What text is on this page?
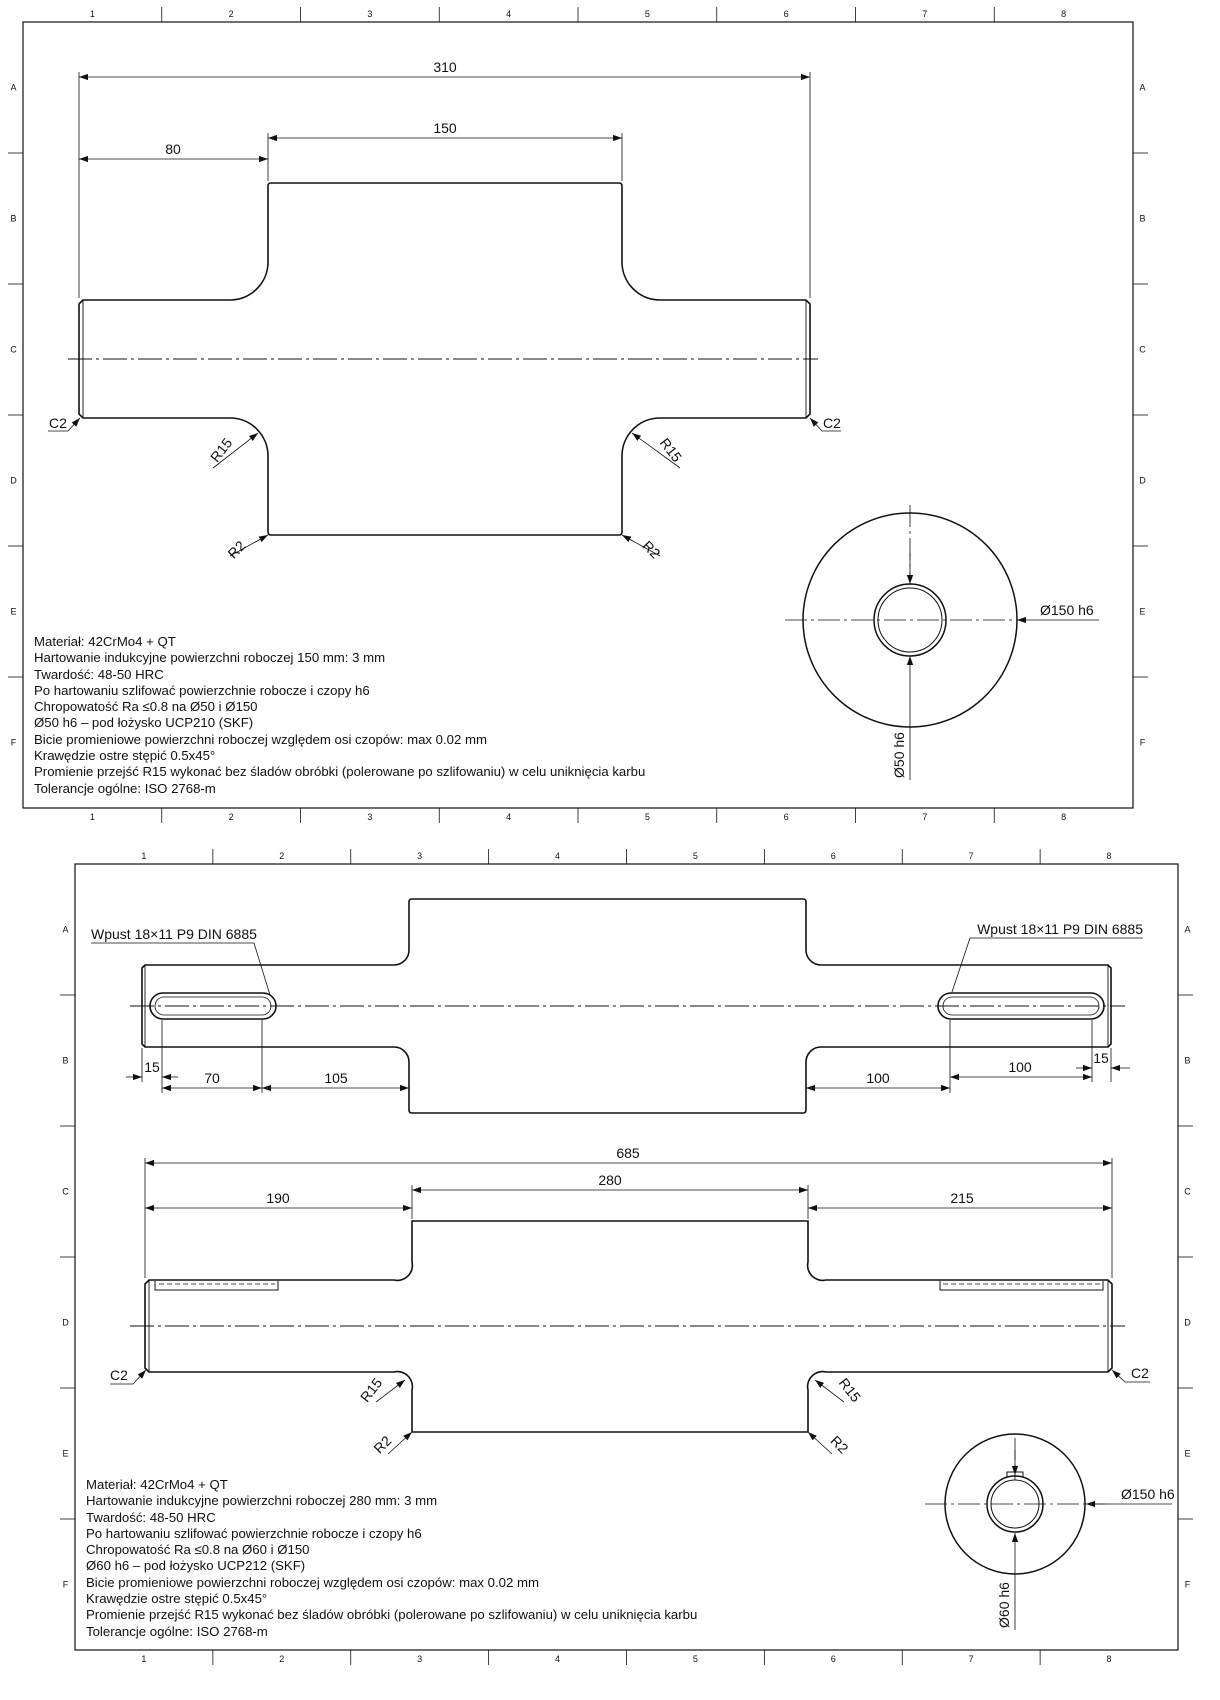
1
1
2
2
3
3
4
4
5
5
6
6
7
7
8
8
A	A
B	B
C	C
D	D
E	E
F	F
310
150
80
C2	C2
R15	R15
R2	R2
Ø150 h6
Ø50 h6
1
1
2
2
3
3
4
4
5
5
6
6
7
7
8
8
A	A
B	B
C	C
D	D
E	E
F	F
Wpust 18×11 P9 DIN 6885	Wpust 18×11 P9 DIN 6885
15
70	105	100
100
15
685
280
190	215
C2	C2
R15	R15
R2	R2
Ø150 h6
Ø60 h6
Materiał: 42CrMo4 + QT
Hartowanie indukcyjne powierzchni roboczej 150 mm: 3 mm
Twardość: 48-50 HRC
Po hartowaniu szlifować powierzchnie robocze i czopy h6
Chropowatość Ra ≤0.8 na Ø50 i Ø150
Ø50 h6 – pod łożysko UCP210 (SKF)
Bicie promieniowe powierzchni roboczej względem osi czopów: max 0.02 mm
Krawędzie ostre stępić 0.5x45°
Promienie przejść R15 wykonać bez śladów obróbki (polerowane po szlifowaniu) w celu uniknięcia karbu
Tolerancje ogólne: ISO 2768-m
Materiał: 42CrMo4 + QT
Hartowanie indukcyjne powierzchni roboczej 280 mm: 3 mm
Twardość: 48-50 HRC
Po hartowaniu szlifować powierzchnie robocze i czopy h6
Chropowatość Ra ≤0.8 na Ø60 i Ø150
Ø60 h6 – pod łożysko UCP212 (SKF)
Bicie promieniowe powierzchni roboczej względem osi czopów: max 0.02 mm
Krawędzie ostre stępić 0.5x45°
Promienie przejść R15 wykonać bez śladów obróbki (polerowane po szlifowaniu) w celu uniknięcia karbu
Tolerancje ogólne: ISO 2768-m
